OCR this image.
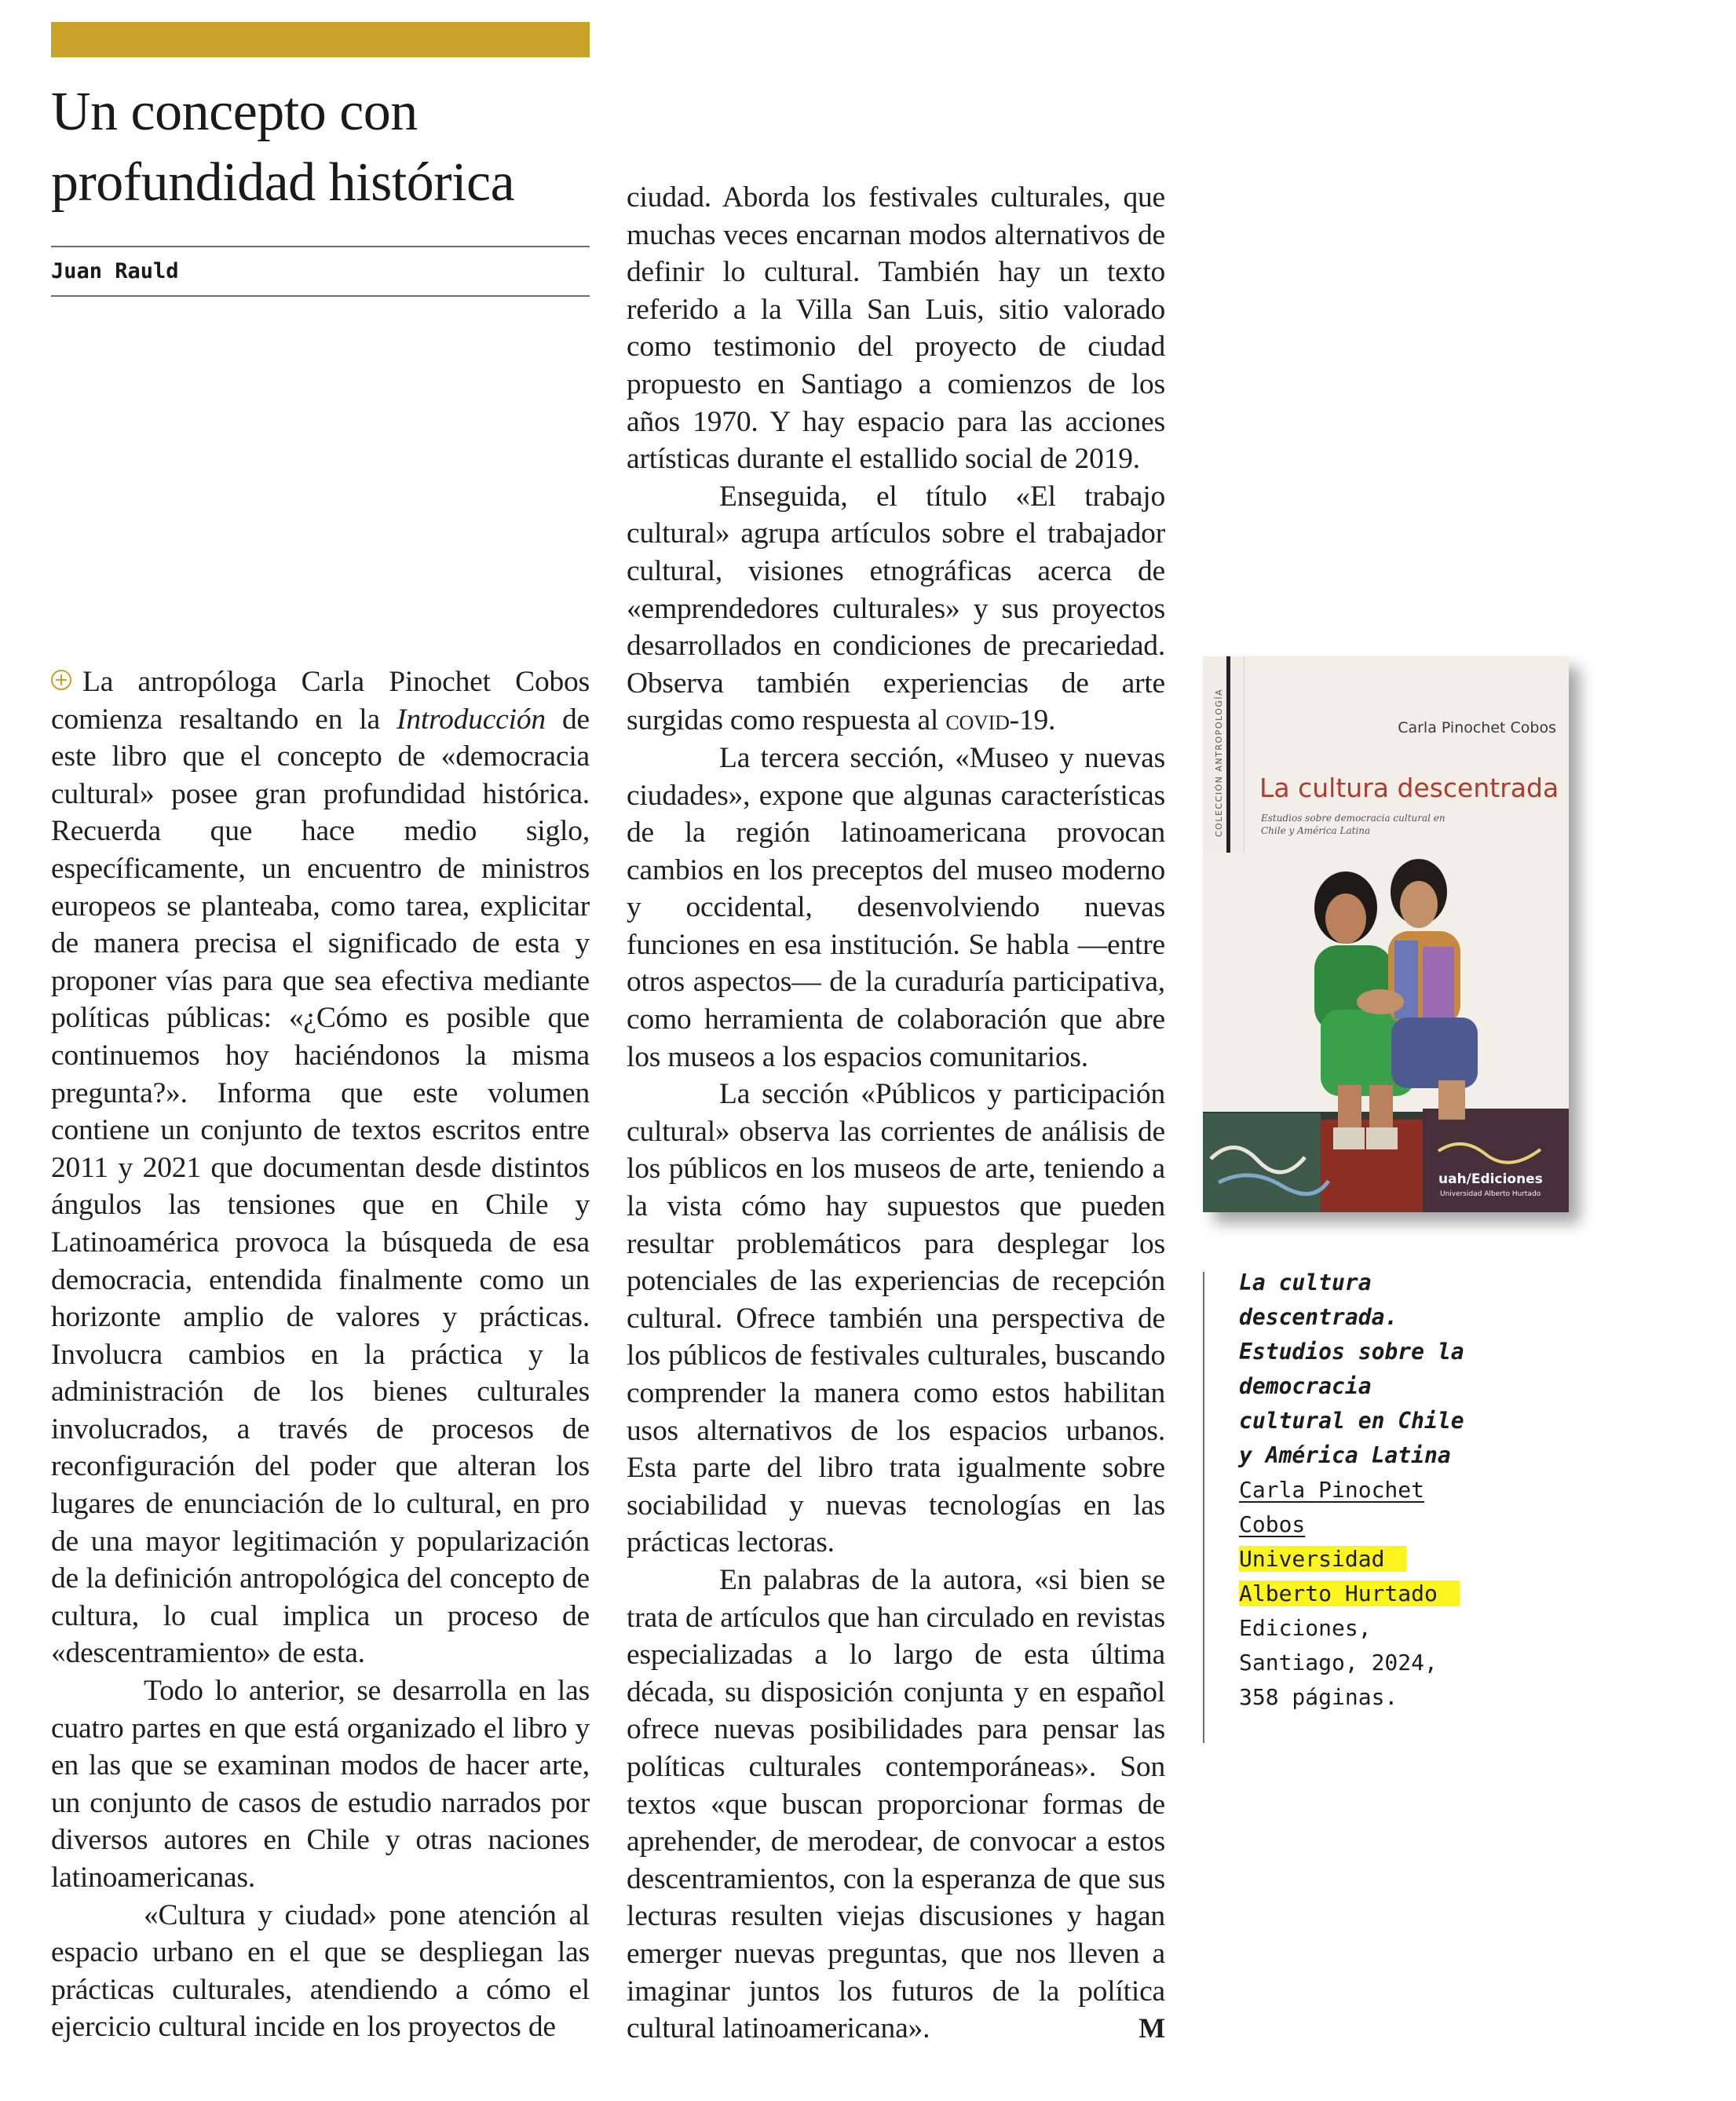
Un concepto con profundidad histórica
Juan Rauld

La antropóloga Carla Pinochet Cobos comienza resaltando en la Introducción de este libro que el concepto de «democracia cultural» posee gran profundidad histórica. Recuerda que hace medio siglo, específicamente, un encuentro de ministros europeos se planteaba, como tarea, explicitar de manera precisa el significado de esta y proponer vías para que sea efectiva mediante políticas públicas: «¿Cómo es posible que continuemos hoy haciéndonos la misma pregunta?». Informa que este volumen contiene un conjunto de textos escritos entre 2011 y 2021 que documentan desde distintos ángulos las tensiones que en Chile y Latinoamérica provoca la búsqueda de esa democracia, entendida finalmente como un horizonte amplio de valores y prácticas. Involucra cambios en la práctica y la administración de los bienes culturales involucrados, a través de procesos de reconfiguración del poder que alteran los lugares de enunciación de lo cultural, en pro de una mayor legitimación y popularización de la definición antropológica del concepto de cultura, lo cual implica un proceso de «descentramiento» de esta.

Todo lo anterior, se desarrolla en las cuatro partes en que está organizado el libro y en las que se examinan modos de hacer arte, un conjunto de casos de estudio narrados por diversos autores en Chile y otras naciones latinoamericanas.

«Cultura y ciudad» pone atención al espacio urbano en el que se despliegan las prácticas culturales, atendiendo a cómo el ejercicio cultural incide en los proyectos de

ciudad. Aborda los festivales culturales, que muchas veces encarnan modos alternativos de definir lo cultural. También hay un texto referido a la Villa San Luis, sitio valorado como testimonio del proyecto de ciudad propuesto en Santiago a comienzos de los años 1970. Y hay espacio para las acciones artísticas durante el estallido social de 2019.

Enseguida, el título «El trabajo cultural» agrupa artículos sobre el trabajador cultural, visiones etnográficas acerca de «emprendedores culturales» y sus proyectos desarrollados en condiciones de precariedad. Observa también experiencias de arte surgidas como respuesta al covid-19.

La tercera sección, «Museo y nuevas ciudades», expone que algunas características de la región latinoamericana provocan cambios en los preceptos del museo moderno y occidental, desenvolviendo nuevas funciones en esa institución. Se habla —entre otros aspectos— de la curaduría participativa, como herramienta de colaboración que abre los museos a los espacios comunitarios.

La sección «Públicos y participación cultural» observa las corrientes de análisis de los públicos en los museos de arte, teniendo a la vista cómo hay supuestos que pueden resultar problemáticos para desplegar los potenciales de las experiencias de recepción cultural. Ofrece también una perspectiva de los públicos de festivales culturales, buscando comprender la manera como estos habilitan usos alternativos de los espacios urbanos. Esta parte del libro trata igualmente sobre sociabilidad y nuevas tecnologías en las prácticas lectoras.

En palabras de la autora, «si bien se trata de artículos que han circulado en revistas especializadas a lo largo de esta última década, su disposición conjunta y en español ofrece nuevas posibilidades para pensar las políticas culturales contemporáneas». Son textos «que buscan proporcionar formas de aprehender, de merodear, de convocar a estos descentramientos, con la esperanza de que sus lecturas resulten viejas discusiones y hagan emerger nuevas preguntas, que nos lleven a imaginar juntos los futuros de la política cultural latinoamericana».	M

COLECCIÓN ANTROPOLOGÍA	Carla Pinochet Cobos
La cultura descentrada
Estudios sobre democracia cultural en Chile y América Latina
uah/Ediciones
Universidad Alberto Hurtado
La cultura descentrada. Estudios sobre la democracia cultural en Chile y América Latina
Carla Pinochet Cobos
Universidad Alberto Hurtado
Ediciones, Santiago, 2024, 358 páginas.
